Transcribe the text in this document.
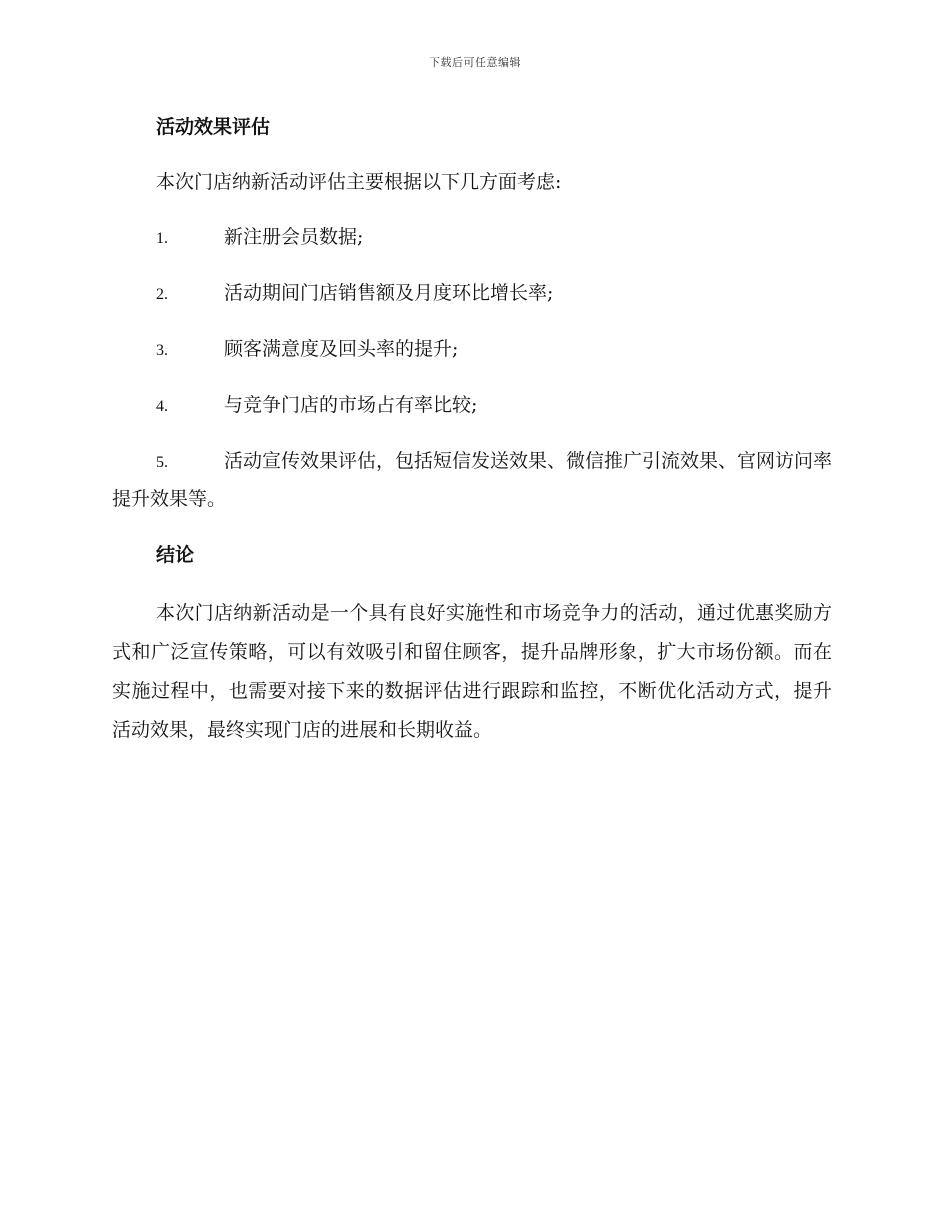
下载后可任意编辑
活动效果评估

本次门店纳新活动评估主要根据以下几方面考虑:

1.	新注册会员数据;
2.	活动期间门店销售额及月度环比增长率;
3.	顾客满意度及回头率的提升;
4.	与竞争门店的市场占有率比较;
5.	活动宣传效果评估，包括短信发送效果、微信推广引流效果、官网访问率提升效果等。
结论

本次门店纳新活动是一个具有良好实施性和市场竞争力的活动，通过优惠奖励方式和广泛宣传策略，可以有效吸引和留住顾客，提升品牌形象，扩大市场份额。而在实施过程中，也需要对接下来的数据评估进行跟踪和监控，不断优化活动方式，提升活动效果，最终实现门店的进展和长期收益。
